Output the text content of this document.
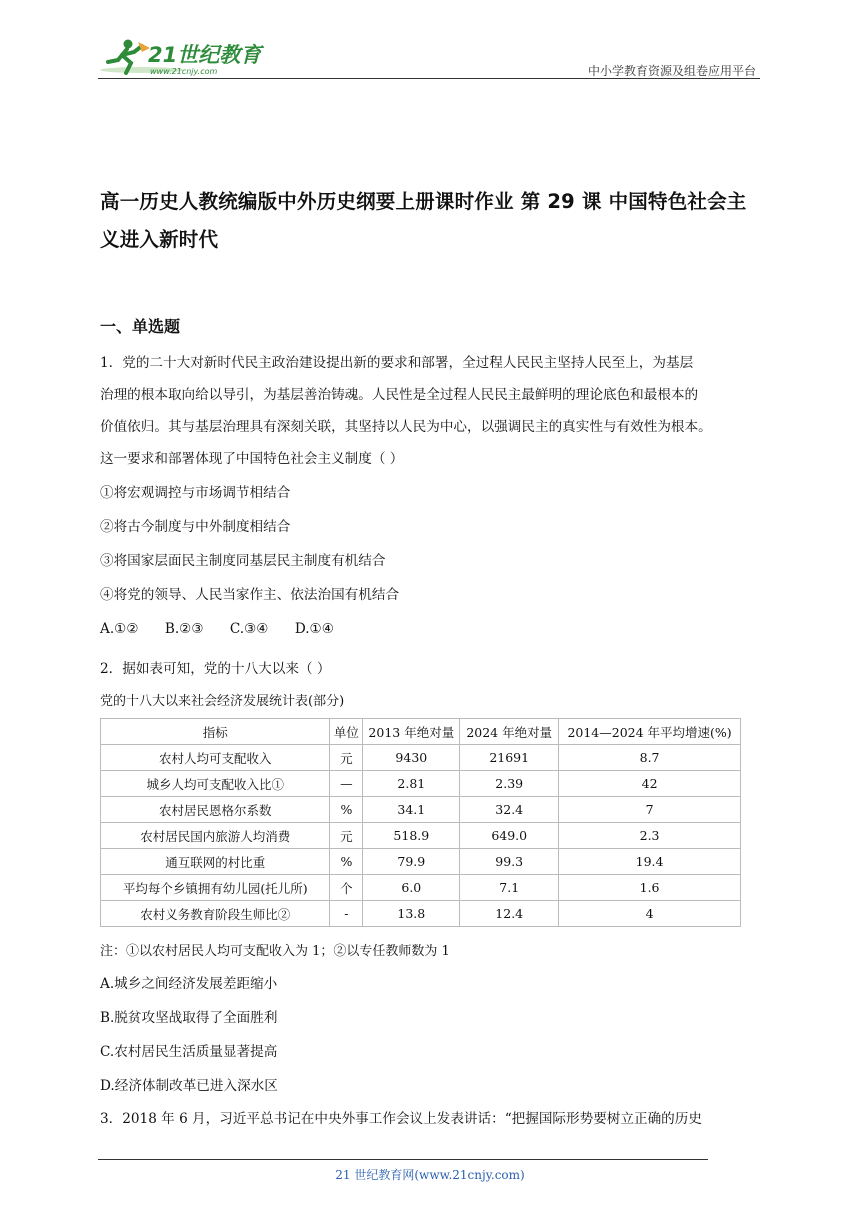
21世纪教育
www.21cnjy.com	中小学教育资源及组卷应用平台
高一历史人教统编版中外历史纲要上册课时作业 第 29 课 中国特色社会主
义进入新时代
一、单选题
1．党的二十大对新时代民主政治建设提出新的要求和部署，全过程人民民主坚持人民至上，为基层
治理的根本取向给以导引，为基层善治铸魂。人民性是全过程人民民主最鲜明的理论底色和最根本的
价值依归。其与基层治理具有深刻关联，其坚持以人民为中心，以强调民主的真实性与有效性为根本。
这一要求和部署体现了中国特色社会主义制度（ ）
①将宏观调控与市场调节相结合
②将古今制度与中外制度相结合
③将国家层面民主制度同基层民主制度有机结合
④将党的领导、人民当家作主、依法治国有机结合
A.①② B.②③ C.③④ D.①④
2．据如表可知，党的十八大以来（ ）
党的十八大以来社会经济发展统计表(部分)
指标	单位	2013 年绝对量	2024 年绝对量	2014—2024 年平均增速(%)
农村人均可支配收入	元	9430	21691	8.7
城乡人均可支配收入比①	—	2.81	2.39	42
农村居民恩格尔系数	%	34.1	32.4	7
农村居民国内旅游人均消费	元	518.9	649.0	2.3
通互联网的村比重	%	79.9	99.3	19.4
平均每个乡镇拥有幼儿园(托儿所)	个	6.0	7.1	1.6
农村义务教育阶段生师比②	-	13.8	12.4	4
注：①以农村居民人均可支配收入为 1；②以专任教师数为 1
A.城乡之间经济发展差距缩小
B.脱贫攻坚战取得了全面胜利
C.农村居民生活质量显著提高
D.经济体制改革已进入深水区
3．2018 年 6 月，习近平总书记在中央外事工作会议上发表讲话：“把握国际形势要树立正确的历史
21 世纪教育网(www.21cnjy.com)
